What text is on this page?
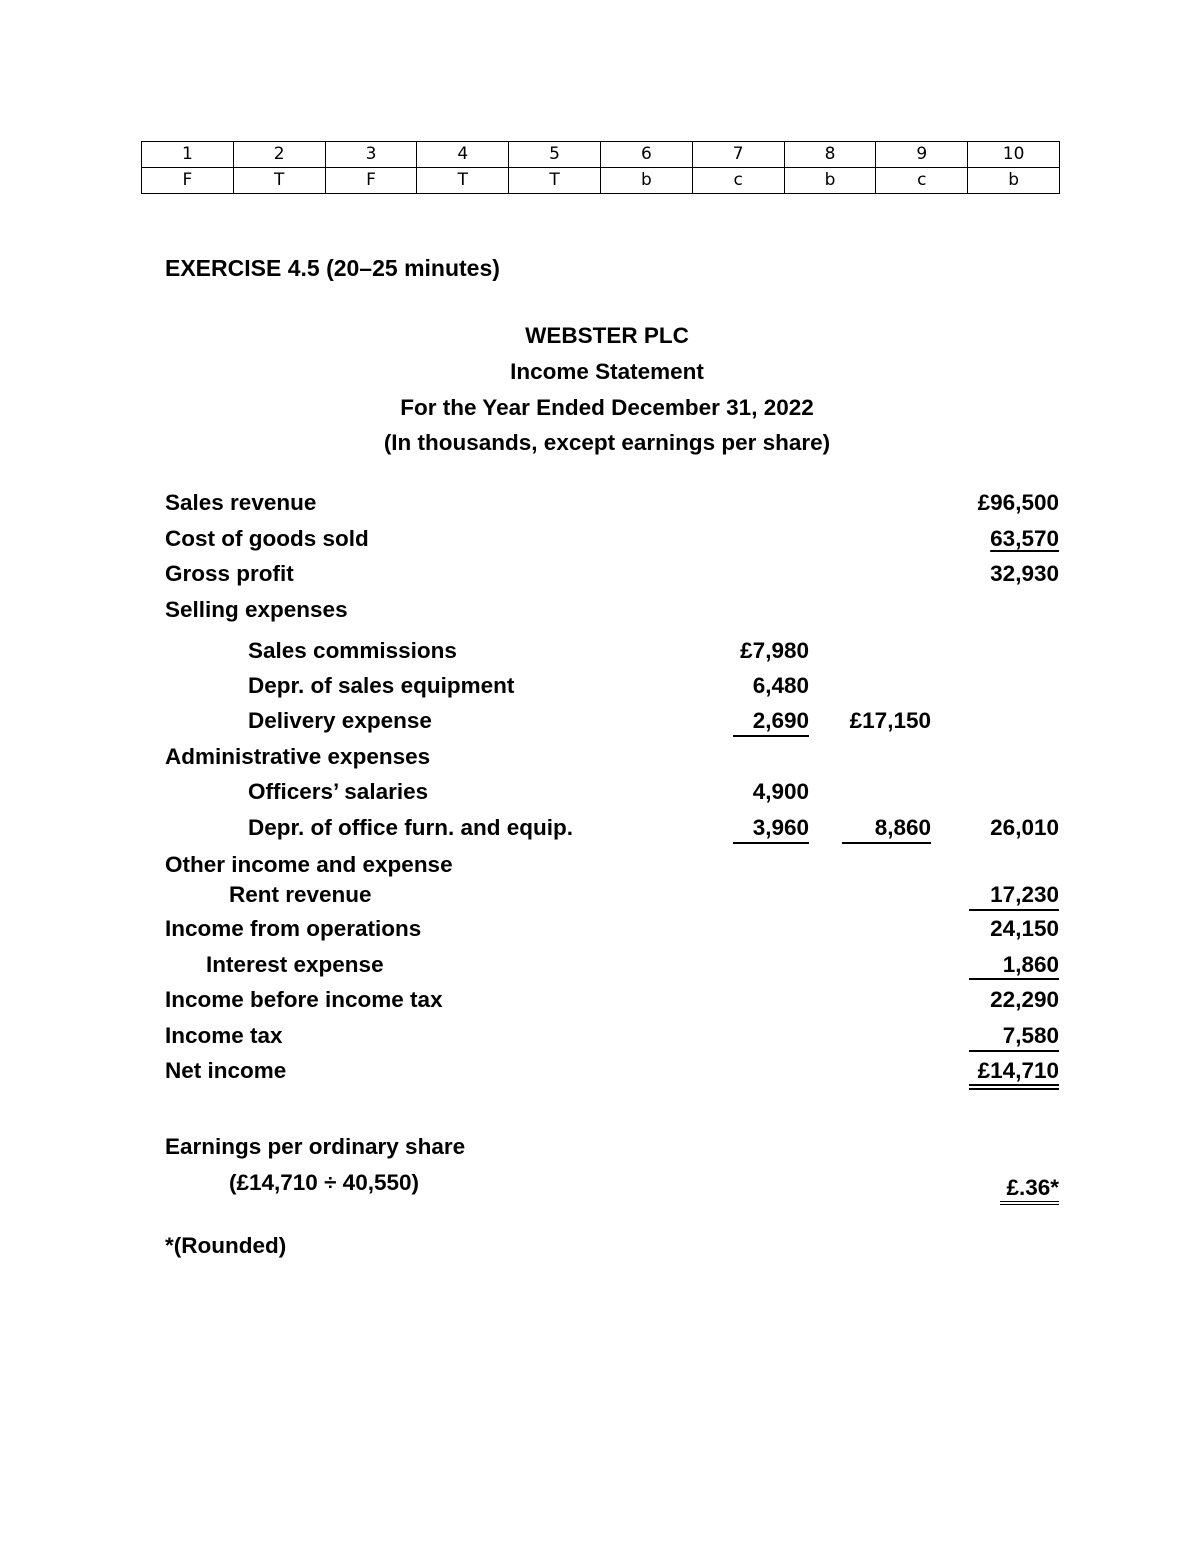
1	2	3	4	5	6	7	8	9	10
F	T	F	T	T	b	c	b	c	b
EXERCISE 4.5 (20–25 minutes)
WEBSTER PLC
Income Statement
For the Year Ended December 31, 2022
(In thousands, except earnings per share)
Sales revenue	£96,500
Cost of goods sold	63,570
Gross profit	32,930
Selling expenses
Sales commissions	£7,980
Depr. of sales equipment	6,480
Delivery expense	2,690 £17,150
Administrative expenses
Officers’ salaries	4,900
Depr. of office furn. and equip.	3,960	8,860	26,010
Other income and expense
Rent revenue	17,230
Income from operations	24,150
Interest expense	1,860
Income before income tax	22,290
Income tax	7,580
Net income	£14,710
Earnings per ordinary share
(£14,710 ÷ 40,550)	£.36*
*(Rounded)
